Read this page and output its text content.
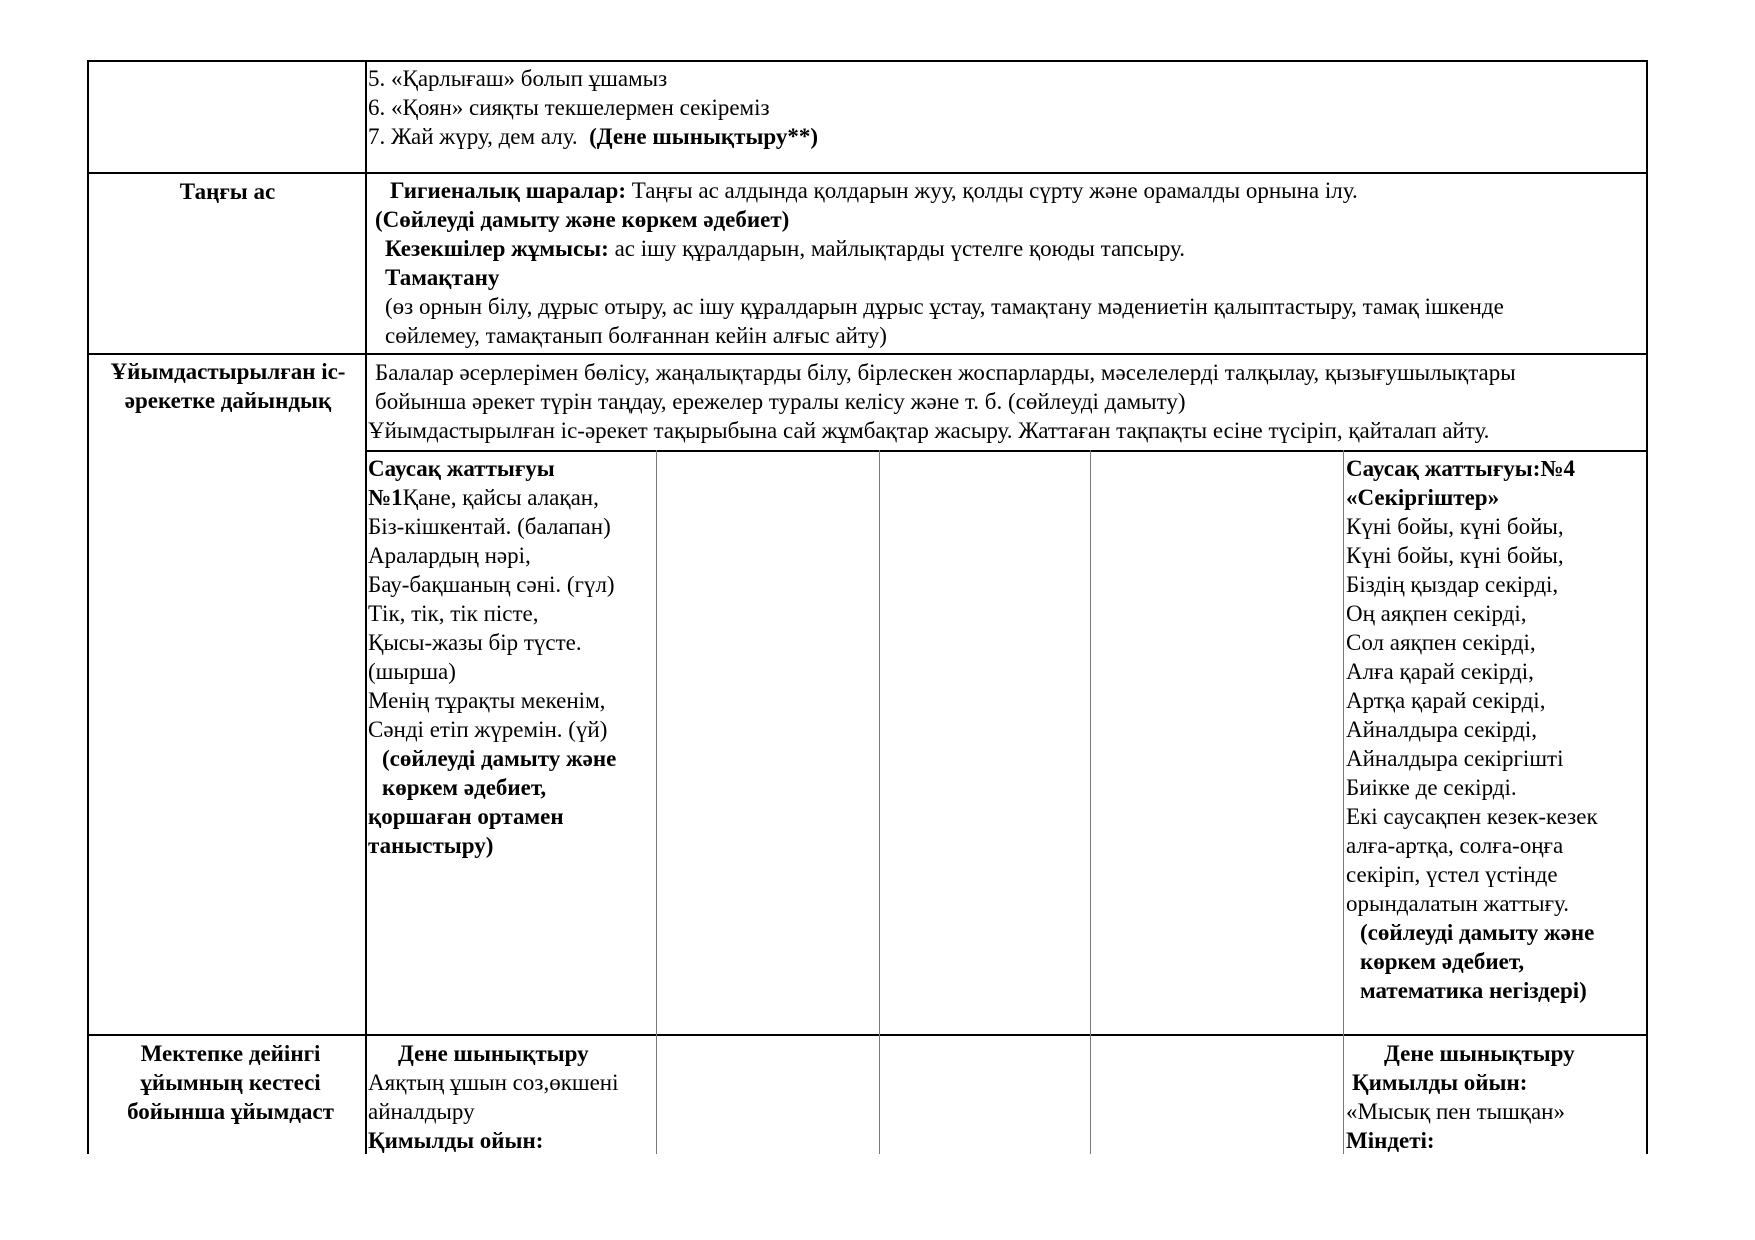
5. «Қарлығаш» болып ұшамыз
6. «Қоян» сияқты текшелермен секіреміз
7. Жай жүру, дем алу. (Дене шынықтыру**)
Таңғы ас	Гигиеналық шаралар: Таңғы ас алдында қолдарын жуу, қолды сүрту және орамалды орнына ілу.
(Сөйлеуді дамыту және көркем әдебиет)
Кезекшілер жұмысы: ас ішу құралдарын, майлықтарды үстелге қоюды тапсыру.
Тамақтану
(өз орнын білу, дұрыс отыру, ас ішу құралдарын дұрыс ұстау, тамақтану мәдениетін қалыптастыру, тамақ ішкенде
сөйлемеу, тамақтанып болғаннан кейін алғыс айту)
Ұйымдастырылған іс-әрекетке дайындық
Балалар әсерлерімен бөлісу, жаңалықтарды білу, бірлескен жоспарларды, мәселелерді талқылау, қызығушылықтары
бойынша әрекет түрін таңдау, ережелер туралы келісу және т. б. (сөйлеуді дамыту)
Ұйымдастырылған іс-әрекет тақырыбына сай жұмбақтар жасыру. Жаттаған тақпақты есіне түсіріп, қайталап айту.
Саусақ жаттығуы
№1Қане, қайсы алақан,
Біз-кішкентай. (балапан)
Аралардың нәрі,
Бау-бақшаның сәні. (гүл)
Тік, тік, тік пісте,
Қысы-жазы бір түсте.
(шырша)
Менің тұрақты мекенім,
Сәнді етіп жүремін. (үй)
(сөйлеуді дамыту және
көркем әдебиет,
қоршаған ортамен
таныстыру)
Саусақ жаттығуы:№4
«Секіргіштер»
Күні бойы, күні бойы,
Күні бойы, күні бойы,
Біздің қыздар секірді,
Оң аяқпен секірді,
Сол аяқпен секірді,
Алға қарай секірді,
Артқа қарай секірді,
Айналдыра секірді,
Айналдыра секіргішті
Биікке де секірді.
Екі саусақпен кезек-кезек
алға-артқа, солға-оңға
секіріп, үстел үстінде
орындалатын жаттығу.
(сөйлеуді дамыту және
көркем әдебиет,
математика негіздері)
Мектепке дейінгі ұйымның кестесі бойынша ұйымдаст
Дене шынықтыру
Аяқтың ұшын соз,өкшені
айналдыру
Қимылды ойын:
Дене шынықтыру
Қимылды ойын:
«Мысық пен тышқан»
Міндеті:
